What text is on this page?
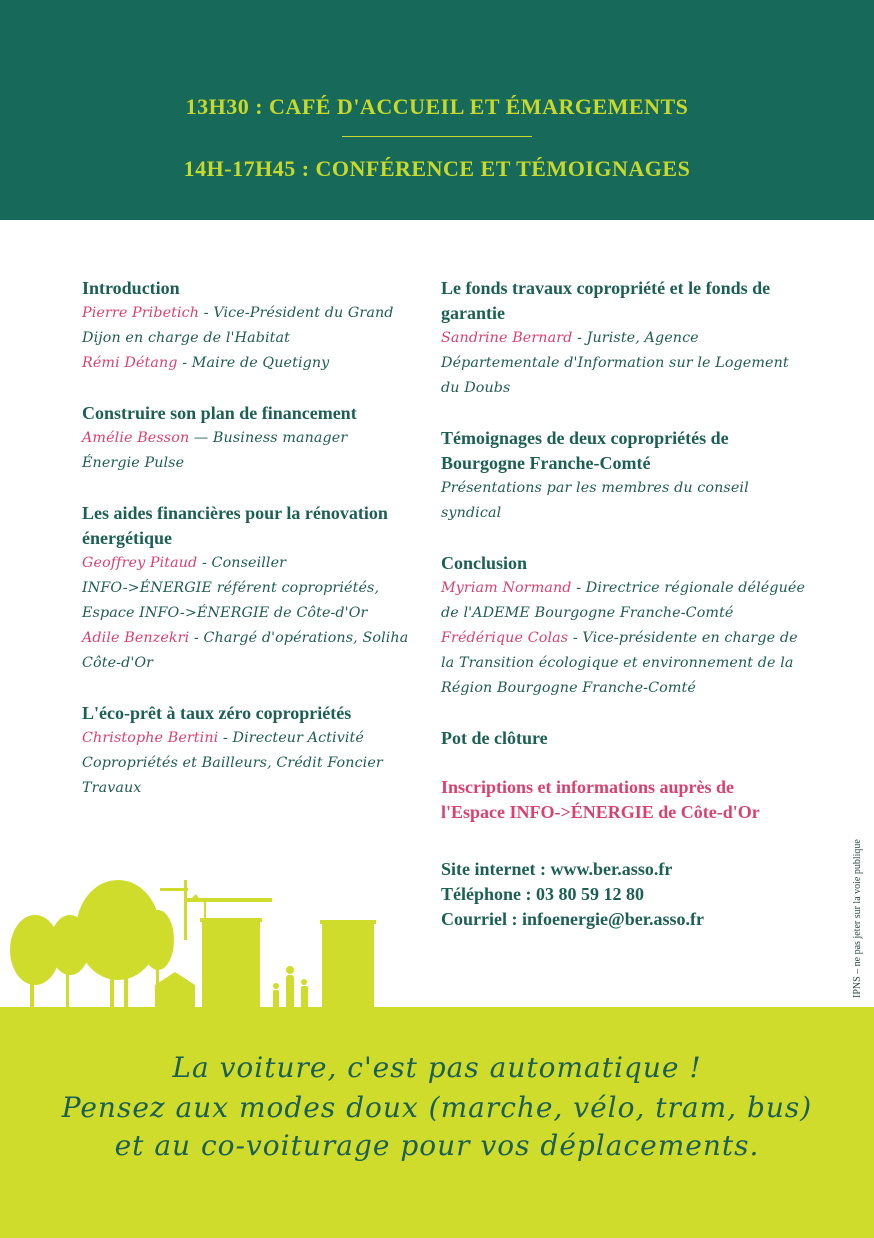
13H30 : CAFÉ D'ACCUEIL ET ÉMARGEMENTS
14H-17H45 : CONFÉRENCE ET TÉMOIGNAGES
Introduction
Pierre Pribetich - Vice-Président du Grand
Dijon en charge de l'Habitat
Rémi Détang - Maire de Quetigny
Construire son plan de financement
Amélie Besson — Business manager
Énergie Pulse
Les aides financières pour la rénovation
énergétique
Geoffrey Pitaud - Conseiller
INFO->ÉNERGIE référent copropriétés,
Espace INFO->ÉNERGIE de Côte-d'Or
Adile Benzekri - Chargé d'opérations, Soliha
Côte-d'Or
L'éco-prêt à taux zéro copropriétés
Christophe Bertini - Directeur Activité
Copropriétés et Bailleurs, Crédit Foncier
Travaux
Le fonds travaux copropriété et le fonds de
garantie
Sandrine Bernard - Juriste, Agence
Départementale d'Information sur le Logement
du Doubs
Témoignages de deux copropriétés de
Bourgogne Franche-Comté
Présentations par les membres du conseil
syndical
Conclusion
Myriam Normand - Directrice régionale déléguée
de l'ADEME Bourgogne Franche-Comté
Frédérique Colas - Vice-présidente en charge de
la Transition écologique et environnement de la
Région Bourgogne Franche-Comté
Pot de clôture
Inscriptions et informations auprès de
l'Espace INFO->ÉNERGIE de Côte-d'Or
Site internet : www.ber.asso.fr
Téléphone : 03 80 59 12 80
Courriel : infoenergie@ber.asso.fr	IPNS – ne pas jeter sur la voie publique
La voiture, c'est pas automatique !
Pensez aux modes doux (marche, vélo, tram, bus)
et au co-voiturage pour vos déplacements.
